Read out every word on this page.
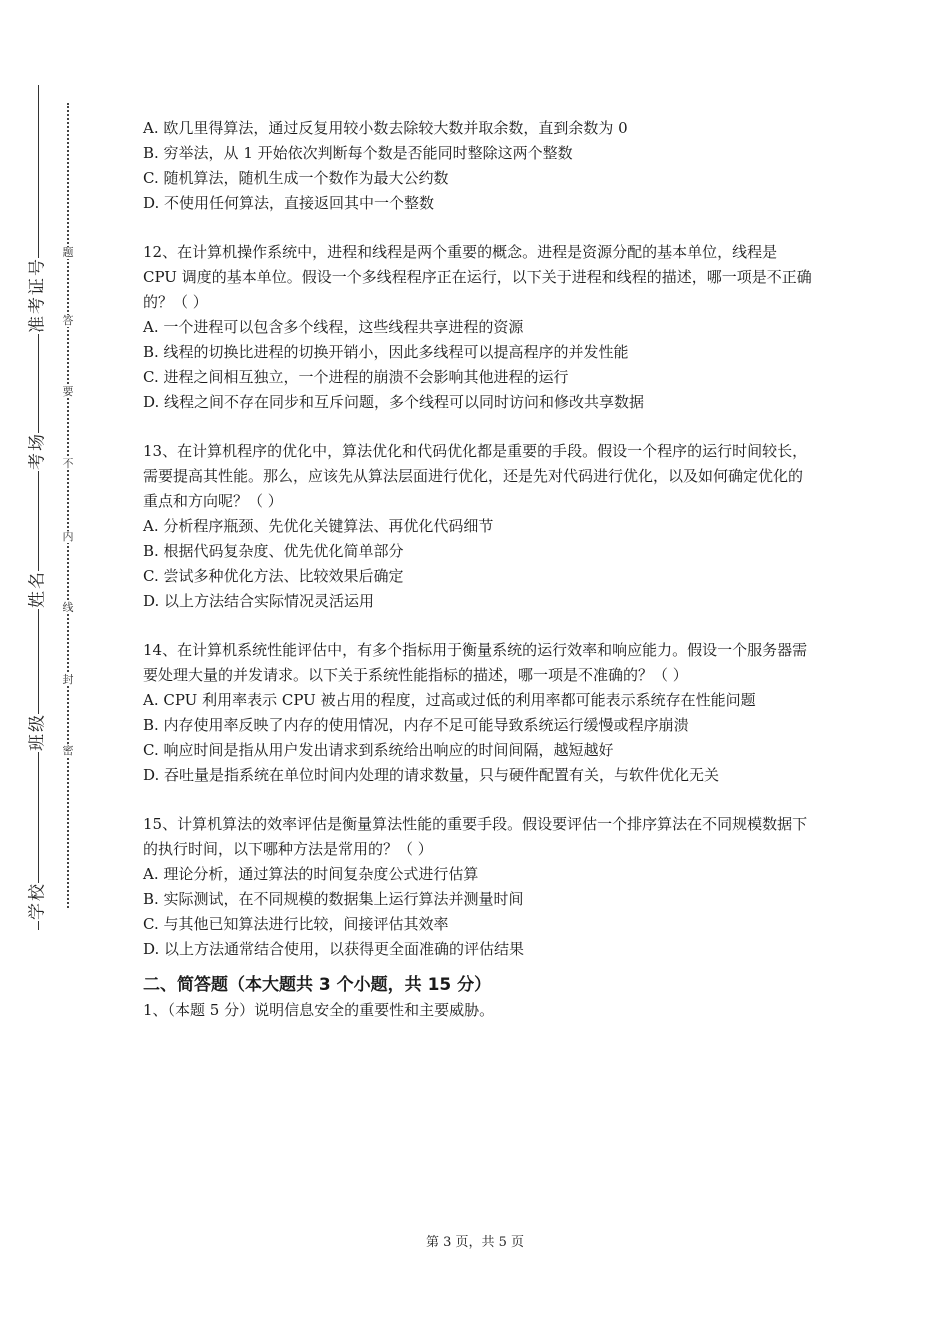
号
证
考
准
场
考
名
姓
级
班
校
学
题
答
要
不
内
线
封
密

A. 欧几里得算法，通过反复用较小数去除较大数并取余数，直到余数为 0

B. 穷举法，从 1 开始依次判断每个数是否能同时整除这两个整数

C. 随机算法，随机生成一个数作为最大公约数

D. 不使用任何算法，直接返回其中一个整数

12、在计算机操作系统中，进程和线程是两个重要的概念。进程是资源分配的基本单位，线程是 CPU 调度的基本单位。假设一个多线程程序正在运行，以下关于进程和线程的描述，哪一项是不正确的？（ ）

A. 一个进程可以包含多个线程，这些线程共享进程的资源

B. 线程的切换比进程的切换开销小，因此多线程可以提高程序的并发性能

C. 进程之间相互独立，一个进程的崩溃不会影响其他进程的运行

D. 线程之间不存在同步和互斥问题，多个线程可以同时访问和修改共享数据

13、在计算机程序的优化中，算法优化和代码优化都是重要的手段。假设一个程序的运行时间较长，需要提高其性能。那么，应该先从算法层面进行优化，还是先对代码进行优化，以及如何确定优化的重点和方向呢？（ ）

A. 分析程序瓶颈、先优化关键算法、再优化代码细节

B. 根据代码复杂度、优先优化简单部分

C. 尝试多种优化方法、比较效果后确定

D. 以上方法结合实际情况灵活运用

14、在计算机系统性能评估中，有多个指标用于衡量系统的运行效率和响应能力。假设一个服务器需要处理大量的并发请求。以下关于系统性能指标的描述，哪一项是不准确的？（ ）

A. CPU 利用率表示 CPU 被占用的程度，过高或过低的利用率都可能表示系统存在性能问题

B. 内存使用率反映了内存的使用情况，内存不足可能导致系统运行缓慢或程序崩溃

C. 响应时间是指从用户发出请求到系统给出响应的时间间隔，越短越好

D. 吞吐量是指系统在单位时间内处理的请求数量，只与硬件配置有关，与软件优化无关

15、计算机算法的效率评估是衡量算法性能的重要手段。假设要评估一个排序算法在不同规模数据下的执行时间，以下哪种方法是常用的？（ ）

A. 理论分析，通过算法的时间复杂度公式进行估算

B. 实际测试，在不同规模的数据集上运行算法并测量时间

C. 与其他已知算法进行比较，间接评估其效率

D. 以上方法通常结合使用，以获得更全面准确的评估结果

二、简答题（本大题共 3 个小题，共 15 分）

1、（本题 5 分）说明信息安全的重要性和主要威胁。

第 3 页，共 5 页
